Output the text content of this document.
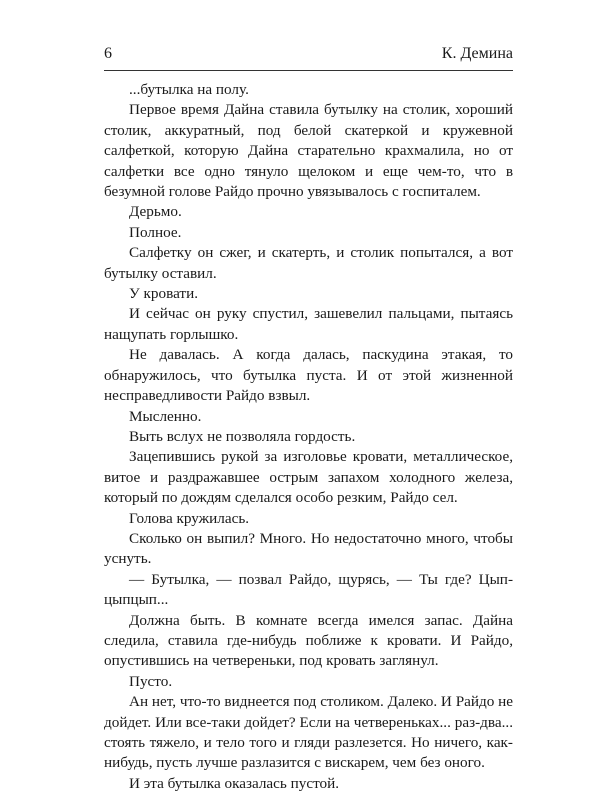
6	К. Демина

...бутылка на полу.

Первое время Дайна ставила бутылку на столик, хороший столик, аккуратный, под белой скатеркой и кружевной салфеткой, которую Дайна старательно крахмалила, но от салфетки все одно тянуло щелоком и еще чем-то, что в безумной голове Райдо прочно увязывалось с госпиталем.

Дерьмо.

Полное.

Салфетку он сжег, и скатерть, и столик попытался, а вот бутылку оставил.

У кровати.

И сейчас он руку спустил, зашевелил пальцами, пытаясь нащупать горлышко.

Не давалась. А когда далась, паскудина этакая, то обнаружилось, что бутылка пуста. И от этой жизненной несправедливости Райдо взвыл.

Мысленно.

Выть вслух не позволяла гордость.

Зацепившись рукой за изголовье кровати, металлическое, витое и раздражавшее острым запахом холодного железа, который по дождям сделался особо резким, Райдо сел.

Голова кружилась.

Сколько он выпил? Много. Но недостаточно много, чтобы уснуть.

— Бутылка, — позвал Райдо, щурясь, — Ты где? Цып-цыпцып...

Должна быть. В комнате всегда имелся запас. Дайна следила, ставила где-нибудь поближе к кровати. И Райдо, опустившись на четвереньки, под кровать заглянул.

Пусто.

Ан нет, что-то виднеется под столиком. Далеко. И Райдо не дойдет. Или все-таки дойдет? Если на четвереньках... раз-два... стоять тяжело, и тело того и гляди разлезется. Но ничего, как-нибудь, пусть лучше разлазится с вискарем, чем без оного.

И эта бутылка оказалась пустой.
